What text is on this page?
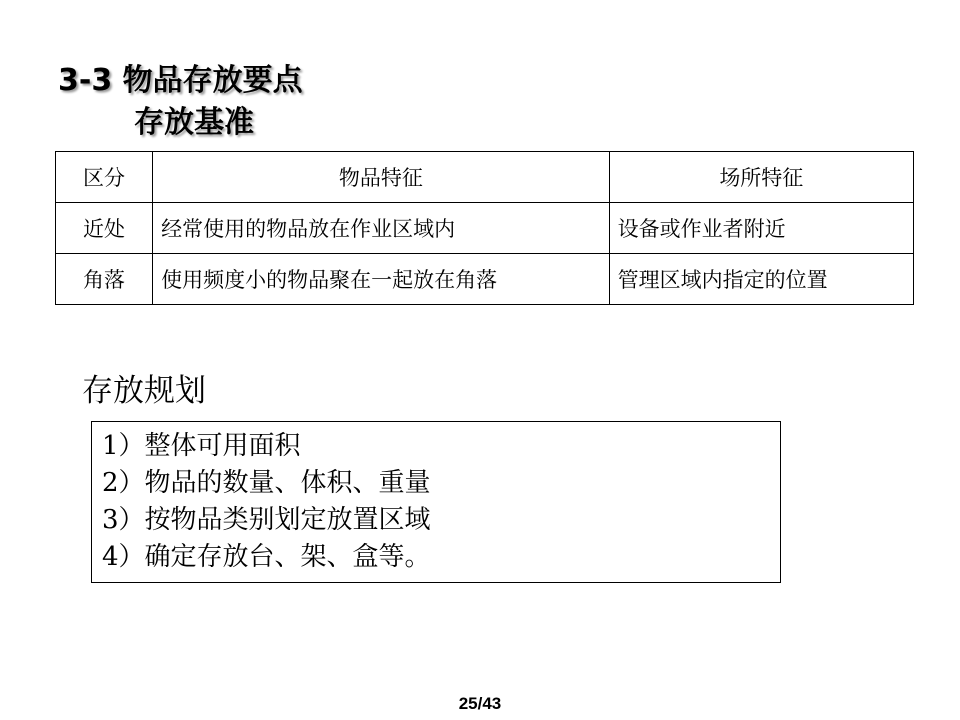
3-3 物品存放要点
存放基准
区分	物品特征	场所特征
近处	经常使用的物品放在作业区域内	设备或作业者附近
角落	使用频度小的物品聚在一起放在角落	管理区域内指定的位置
存放规划
1）整体可用面积
2）物品的数量、体积、重量
3）按物品类别划定放置区域
4）确定存放台、架、盒等。
25/43
